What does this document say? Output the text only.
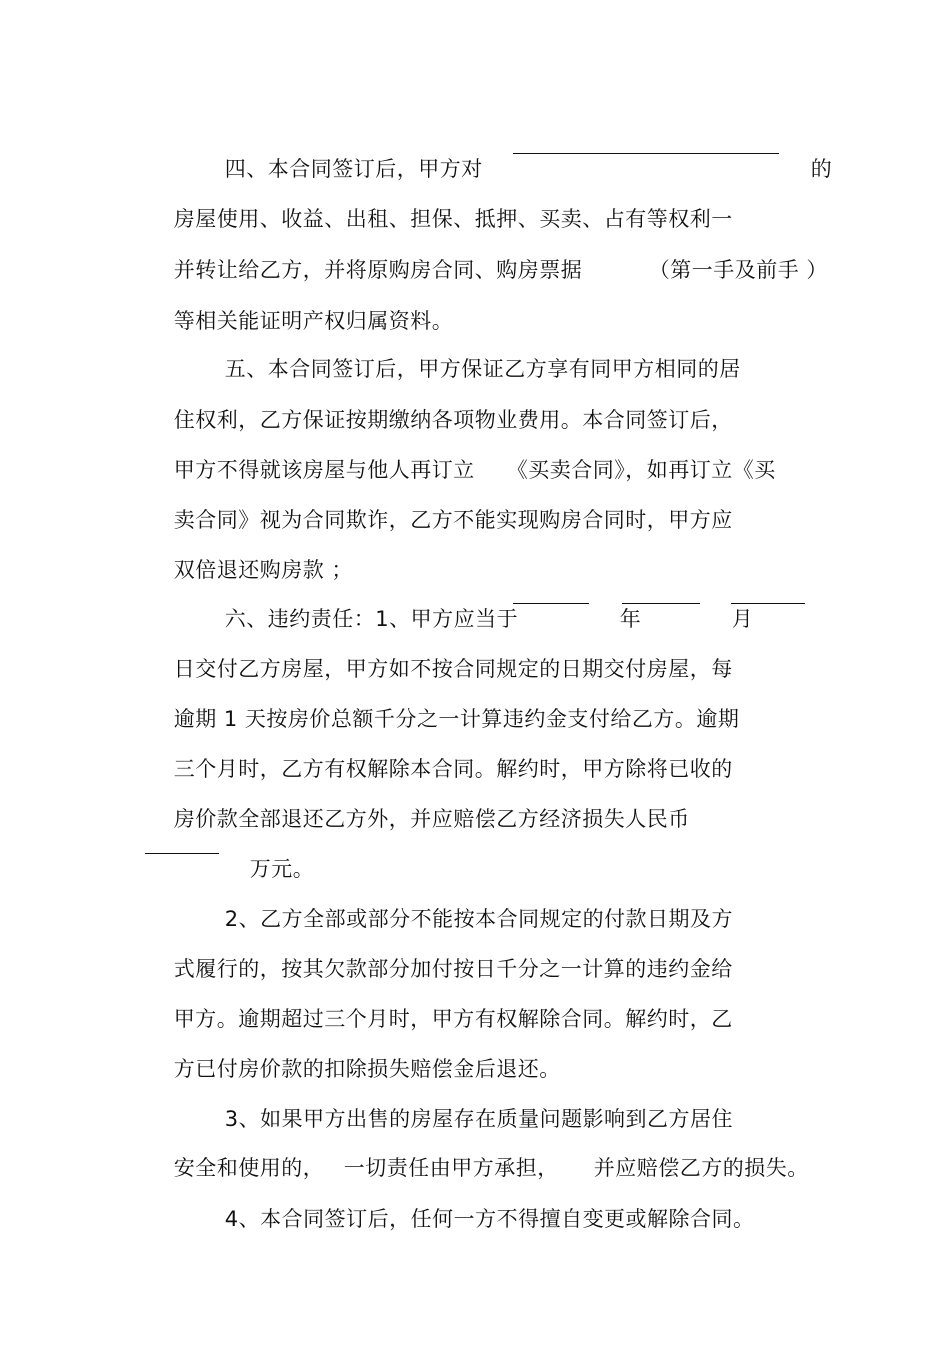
四、本合同签订后，甲方对
	的

房屋使用、收益、出租、担保、抵押、买卖、占有等权利一

并转让给乙方，并将原购房合同、购房票据
	（第一手及前手 ）

等相关能证明产权归属资料。

五、本合同签订后，甲方保证乙方享有同甲方相同的居

住权利，乙方保证按期缴纳各项物业费用。本合同签订后，

甲方不得就该房屋与他人再订立
	《买卖合同》，如再订立《买

卖合同》视为合同欺诈，乙方不能实现购房合同时，甲方应

双倍退还购房款 ；

六、违约责任：1、甲方应当于
	年
	月

日交付乙方房屋，甲方如不按合同规定的日期交付房屋，每

逾期 1 天按房价总额千分之一计算违约金支付给乙方。逾期

三个月时，乙方有权解除本合同。解约时，甲方除将已收的

房价款全部退还乙方外，并应赔偿乙方经济损失人民币

万元。

2、乙方全部或部分不能按本合同规定的付款日期及方

式履行的，按其欠款部分加付按日千分之一计算的违约金给

甲方。逾期超过三个月时，甲方有权解除合同。解约时，乙

方已付房价款的扣除损失赔偿金后退还。

3、如果甲方出售的房屋存在质量问题影响到乙方居住

安全和使用的，
一切责任由甲方承担，
	并应赔偿乙方的损失。

4、本合同签订后，任何一方不得擅自变更或解除合同。
